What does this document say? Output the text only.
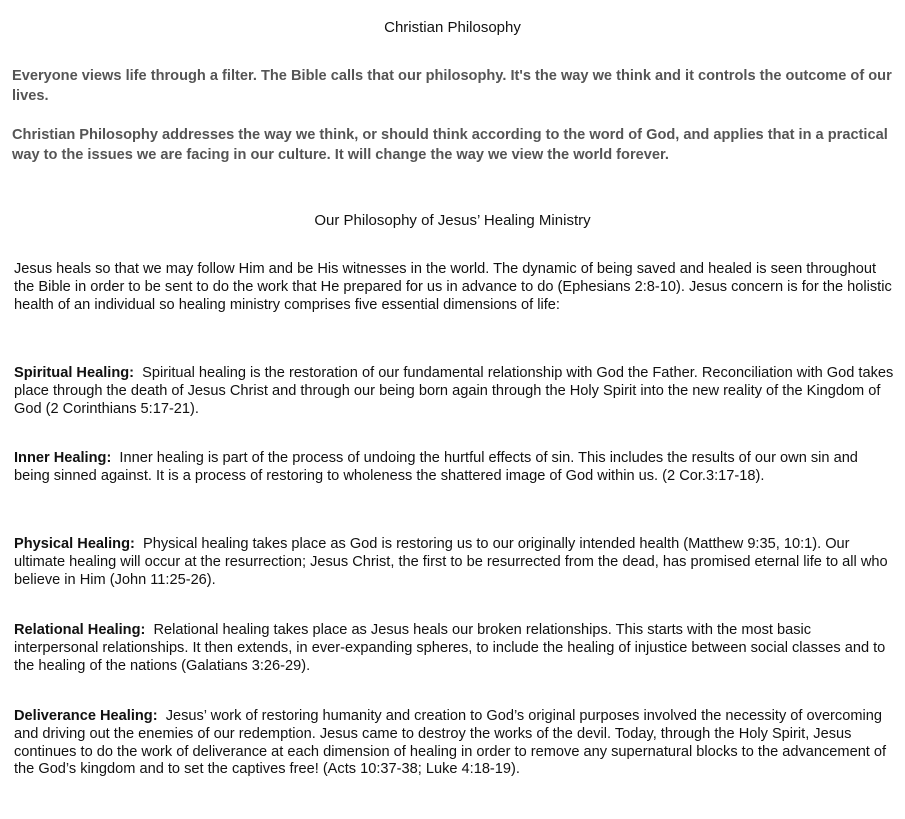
Christian Philosophy

Everyone views life through a filter. The Bible calls that our philosophy. It's the way we think and it controls the outcome of our lives.

Christian Philosophy addresses the way we think, or should think according to the word of God, and applies that in a practical way to the issues we are facing in our culture. It will change the way we view the world forever.

Our Philosophy of Jesus’ Healing Ministry

Jesus heals so that we may follow Him and be His witnesses in the world. The dynamic of being saved and healed is seen throughout the Bible in order to be sent to do the work that He prepared for us in advance to do (Ephesians 2:8-10). Jesus concern is for the holistic health of an individual so healing ministry comprises five essential dimensions of life:

Spiritual Healing: Spiritual healing is the restoration of our fundamental relationship with God the Father. Reconciliation with God takes place through the death of Jesus Christ and through our being born again through the Holy Spirit into the new reality of the Kingdom of God (2 Corinthians 5:17-21).

Inner Healing: Inner healing is part of the process of undoing the hurtful effects of sin. This includes the results of our own sin and being sinned against. It is a process of restoring to wholeness the shattered image of God within us. (2 Cor.3:17-18).

Physical Healing: Physical healing takes place as God is restoring us to our originally intended health (Matthew 9:35, 10:1). Our ultimate healing will occur at the resurrection; Jesus Christ, the first to be resurrected from the dead, has promised eternal life to all who believe in Him (John 11:25-26).

Relational Healing: Relational healing takes place as Jesus heals our broken relationships. This starts with the most basic interpersonal relationships. It then extends, in ever-expanding spheres, to include the healing of injustice between social classes and to the healing of the nations (Galatians 3:26-29).

Deliverance Healing: Jesus’ work of restoring humanity and creation to God’s original purposes involved the necessity of overcoming and driving out the enemies of our redemption. Jesus came to destroy the works of the devil. Today, through the Holy Spirit, Jesus continues to do the work of deliverance at each dimension of healing in order to remove any supernatural blocks to the advancement of the God’s kingdom and to set the captives free! (Acts 10:37-38; Luke 4:18-19).
